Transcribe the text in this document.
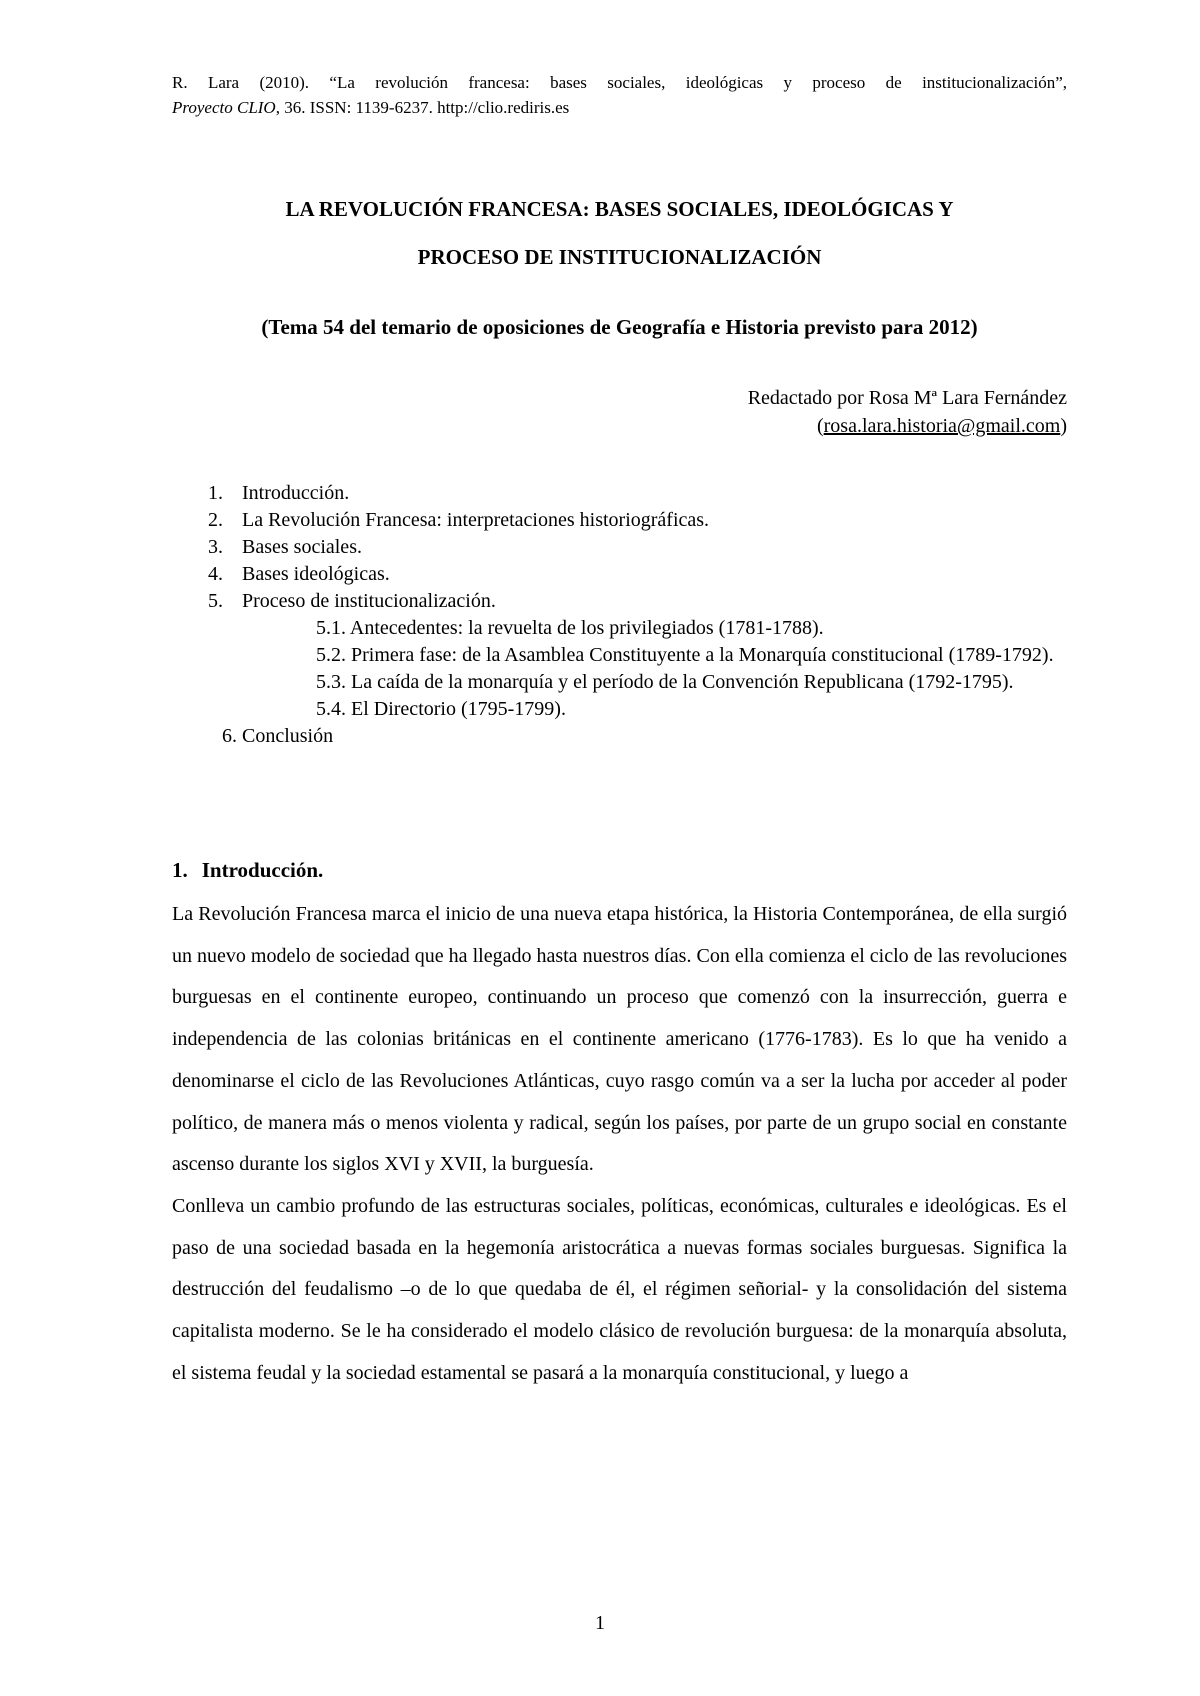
R. Lara (2010). “La revolución francesa: bases sociales, ideológicas y proceso de institucionalización”,
Proyecto CLIO, 36. ISSN: 1139-6237. http://clio.rediris.es
LA REVOLUCIÓN FRANCESA: BASES SOCIALES, IDEOLÓGICAS Y
PROCESO DE INSTITUCIONALIZACIÓN
(Tema 54 del temario de oposiciones de Geografía e Historia previsto para 2012)
Redactado por Rosa Mª Lara Fernández
(rosa.lara.historia@gmail.com)
1. Introducción.
2. La Revolución Francesa: interpretaciones historiográficas.
3. Bases sociales.
4. Bases ideológicas.
5. Proceso de institucionalización.
5.1. Antecedentes: la revuelta de los privilegiados (1781-1788).
5.2. Primera fase: de la Asamblea Constituyente a la Monarquía constitucional (1789-1792).
5.3. La caída de la monarquía y el período de la Convención Republicana (1792-1795).
5.4. El Directorio (1795-1799).
6. Conclusión
1. Introducción.

La Revolución Francesa marca el inicio de una nueva etapa histórica, la Historia Contemporánea, de ella surgió un nuevo modelo de sociedad que ha llegado hasta nuestros días. Con ella comienza el ciclo de las revoluciones burguesas en el continente europeo, continuando un proceso que comenzó con la insurrección, guerra e independencia de las colonias británicas en el continente americano (1776-1783). Es lo que ha venido a denominarse el ciclo de las Revoluciones Atlánticas, cuyo rasgo común va a ser la lucha por acceder al poder político, de manera más o menos violenta y radical, según los países, por parte de un grupo social en constante ascenso durante los siglos XVI y XVII, la burguesía.

Conlleva un cambio profundo de las estructuras sociales, políticas, económicas, culturales e ideológicas. Es el paso de una sociedad basada en la hegemonía aristocrática a nuevas formas sociales burguesas. Significa la destrucción del feudalismo –o de lo que quedaba de él, el régimen señorial- y la consolidación del sistema capitalista moderno. Se le ha considerado el modelo clásico de revolución burguesa: de la monarquía absoluta, el sistema feudal y la sociedad estamental se pasará a la monarquía constitucional, y luego a

1
